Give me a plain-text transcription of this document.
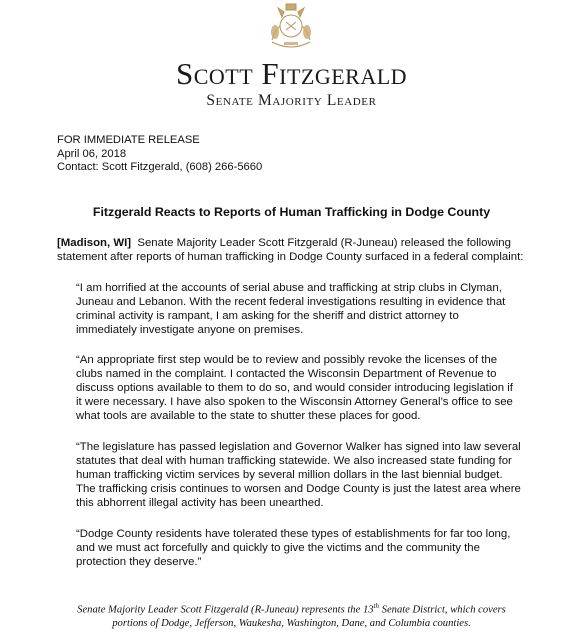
Scott Fitzgerald
Senate Majority Leader
FOR IMMEDIATE RELEASE
April 06, 2018
Contact: Scott Fitzgerald, (608) 266-5660
Fitzgerald Reacts to Reports of Human Trafficking in Dodge County
[Madison, WI] Senate Majority Leader Scott Fitzgerald (R-Juneau) released the following statement after reports of human trafficking in Dodge County surfaced in a federal complaint:
“I am horrified at the accounts of serial abuse and trafficking at strip clubs in Clyman, Juneau and Lebanon. With the recent federal investigations resulting in evidence that criminal activity is rampant, I am asking for the sheriff and district attorney to immediately investigate anyone on premises.
“An appropriate first step would be to review and possibly revoke the licenses of the clubs named in the complaint. I contacted the Wisconsin Department of Revenue to discuss options available to them to do so, and would consider introducing legislation if it were necessary. I have also spoken to the Wisconsin Attorney General’s office to see what tools are available to the state to shutter these places for good.
“The legislature has passed legislation and Governor Walker has signed into law several statutes that deal with human trafficking statewide. We also increased state funding for human trafficking victim services by several million dollars in the last biennial budget. The trafficking crisis continues to worsen and Dodge County is just the latest area where this abhorrent illegal activity has been unearthed.
“Dodge County residents have tolerated these types of establishments for far too long, and we must act forcefully and quickly to give the victims and the community the protection they deserve.”
Senate Majority Leader Scott Fitzgerald (R-Juneau) represents the 13th Senate District, which covers
portions of Dodge, Jefferson, Waukesha, Washington, Dane, and Columbia counties.
